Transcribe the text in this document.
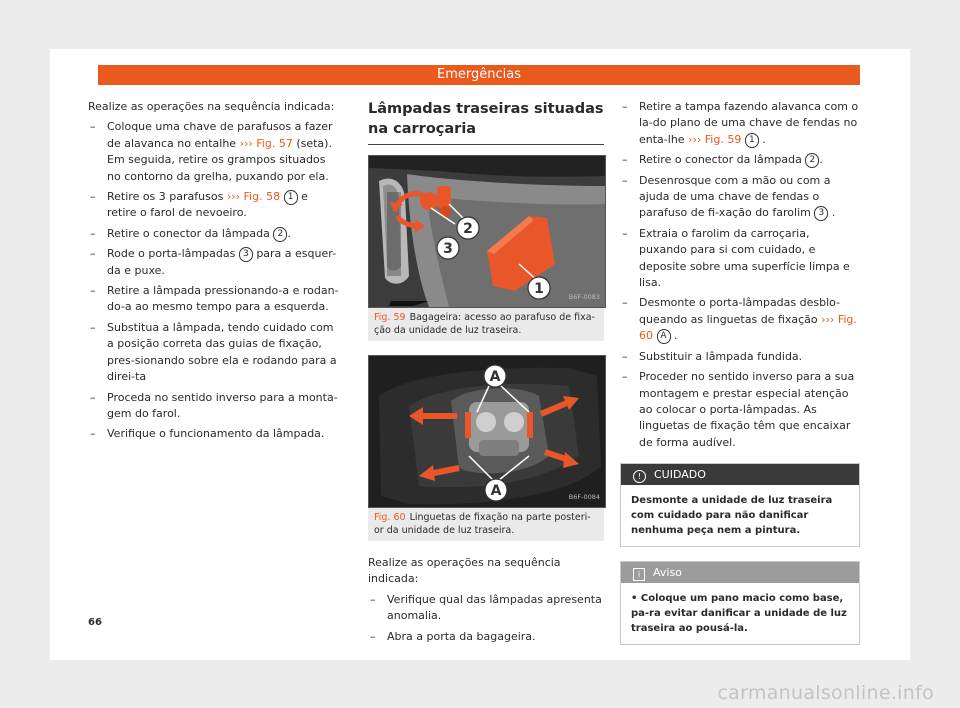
Emergências

Realize as operações na sequência indicada:

– Coloque uma chave de parafusos a fazer de alavanca no entalhe ››› Fig. 57 (seta). Em seguida, retire os grampos situados no contorno da grelha, puxando por ela.
– Retire os 3 parafusos ››› Fig. 58 1 e retire o farol de nevoeiro.
– Retire o conector da lâmpada 2 .
– Rode o porta-lâmpadas 3 para a esquer-da e puxe.
– Retire a lâmpada pressionando-a e rodan-do-a ao mesmo tempo para a esquerda.
– Substitua a lâmpada, tendo cuidado com a posição correta das guias de fixação, pres-sionando sobre ela e rodando para a direi-ta
– Proceda no sentido inverso para a monta-gem do farol.
– Verifique o funcionamento da lâmpada.
Lâmpadas traseiras situadas na carroçaria
2
3
1	B6F-0083
Fig. 59 Bagageira: acesso ao parafuso de fixa-ção da unidade de luz traseira.
A
A	B6F-0084
Fig. 60 Linguetas de fixação na parte posteri-or da unidade de luz traseira.

Realize as operações na sequência indicada:

– Verifique qual das lâmpadas apresenta anomalia.
– Abra a porta da bagageira.
– Retire a tampa fazendo alavanca com o la-do plano de uma chave de fendas no enta-lhe ››› Fig. 59 1 .
– Retire o conector da lâmpada 2 .
– Desenrosque com a mão ou com a ajuda de uma chave de fendas o parafuso de fi-xação do farolim 3 .
– Extraia o farolim da carroçaria, puxando para si com cuidado, e deposite sobre uma superfície limpa e lisa.
– Desmonte o porta-lâmpadas desblo-queando as linguetas de fixação ››› Fig. 60 A .
– Substituir a lâmpada fundida.
– Proceder no sentido inverso para a sua montagem e prestar especial atenção ao colocar o porta-lâmpadas. As linguetas de fixação têm que encaixar de forma audível.
! CUIDADO
Desmonte a unidade de luz traseira com cuidado para não danificar nenhuma peça nem a pintura.
i Aviso
• Coloque um pano macio como base, pa-ra evitar danificar a unidade de luz traseira ao pousá-la.
66
carmanualsonline.info
